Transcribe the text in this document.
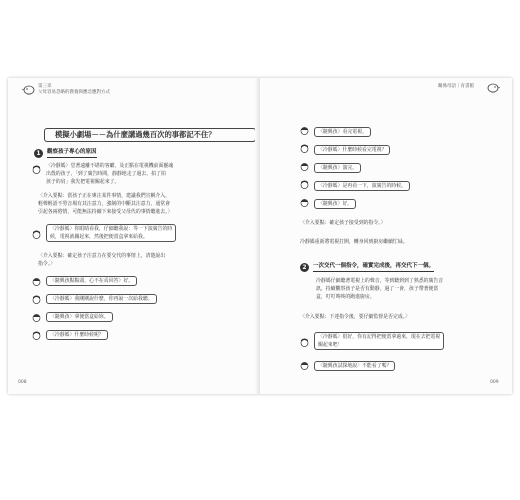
第三章
父母容易忽略的教養與應急應對方式
模擬小劇場－－為什麼講過幾百次的事都記不住？
1	觀察孩子專心的原因
〈冷靜媽〉堂著遠離不堪的客廳，及正點在電視機前面靈魂
出殼的孩子，「到了廣告時間，靜靜地走了過去，拍了拍
孩子的肩」我先把電視關起來了。
〈介入要點：當孩子正在專注某件事情，建議我們宣稱介入，
輕聲輕語不勞音場有其注意力，強制的中斷其注意力，通常會
引起各兩倦情，可能無法持續下來接受父母代的事情聽進去。〉
〈冷靜媽〉你眼睛看我，仔細聽我說：等一下演廣告的時
候，電視就關起來，然後把便當盒拿來給我。
〈介入要點：確定孩子注意力在要交代的事情上，清楚說出
指令。〉
〈隨興孩點點頭，心不在焉回答〉好。
〈冷靜媽〉我剛剛說什麼，你再說一次給我聽。
〈隨興孩〉拿便當盒給妳。
〈冷靜媽〉什麼時候呢？
008
關係母語｜育書館
〈隨興孩〉看完電視。
〈冷靜媽〉什麼時候看完電視？
〈隨興孩〉演完。
〈冷靜媽〉是再看一下，演廣告的時候。
〈隨興孩〉好。
〈介入要點：確定孩子接受到的指令。〉
冷靜媽重新將電視打開，轉身回到廚房繼續忙碌。
2	一次交代一個指令，確實完成後，再交代下一個。
冷靜媽仔細聽著電視上的聲音，等到聽到到了熟悉的廣告音
訊，持續觀察孩子是否有動靜，過了一會，孩子帶著便當
盒，叮叮咚咚的跑進廚房。
〈介入要點：下達指令後，要仔細監督是否完成。〉
〈冷靜媽〉很好，你有記得把便當拿過來，現在去把電視
關起來吧！
〈隨興孩試探地說〉不能看了嗎？
009
